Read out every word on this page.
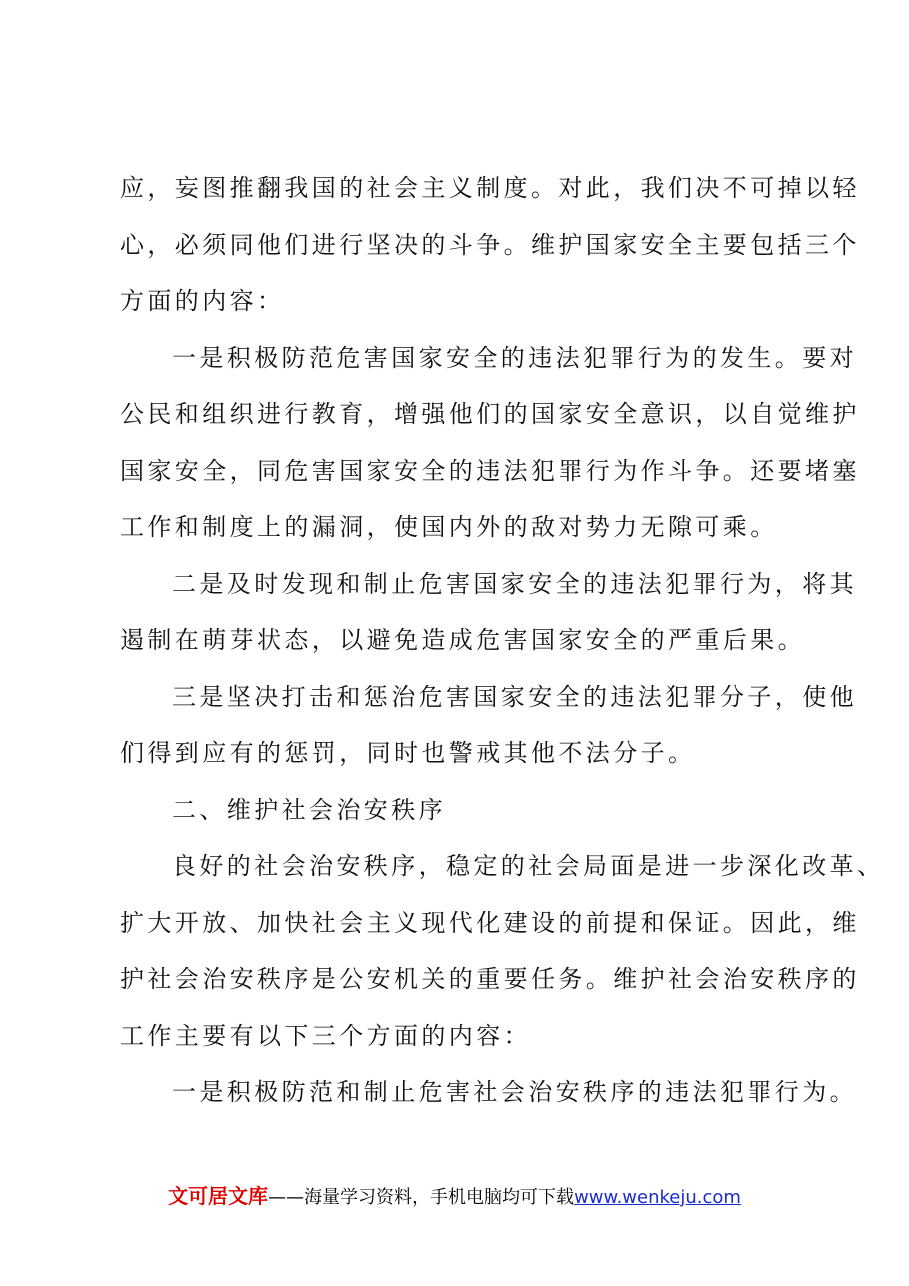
应，妄图推翻我国的社会主义制度。对此，我们决不可掉以轻
心，必须同他们进行坚决的斗争。维护国家安全主要包括三个
方面的内容：
一是积极防范危害国家安全的违法犯罪行为的发生。要对
公民和组织进行教育，增强他们的国家安全意识，以自觉维护
国家安全，同危害国家安全的违法犯罪行为作斗争。还要堵塞
工作和制度上的漏洞，使国内外的敌对势力无隙可乘。
二是及时发现和制止危害国家安全的违法犯罪行为，将其
遏制在萌芽状态，以避免造成危害国家安全的严重后果。
三是坚决打击和惩治危害国家安全的违法犯罪分子，使他
们得到应有的惩罚，同时也警戒其他不法分子。
二、维护社会治安秩序
良好的社会治安秩序，稳定的社会局面是进一步深化改革、
扩大开放、加快社会主义现代化建设的前提和保证。因此，维
护社会治安秩序是公安机关的重要任务。维护社会治安秩序的
工作主要有以下三个方面的内容：
一是积极防范和制止危害社会治安秩序的违法犯罪行为。
文可居文库——海量学习资料，手机电脑均可下载www.wenkeju.com
